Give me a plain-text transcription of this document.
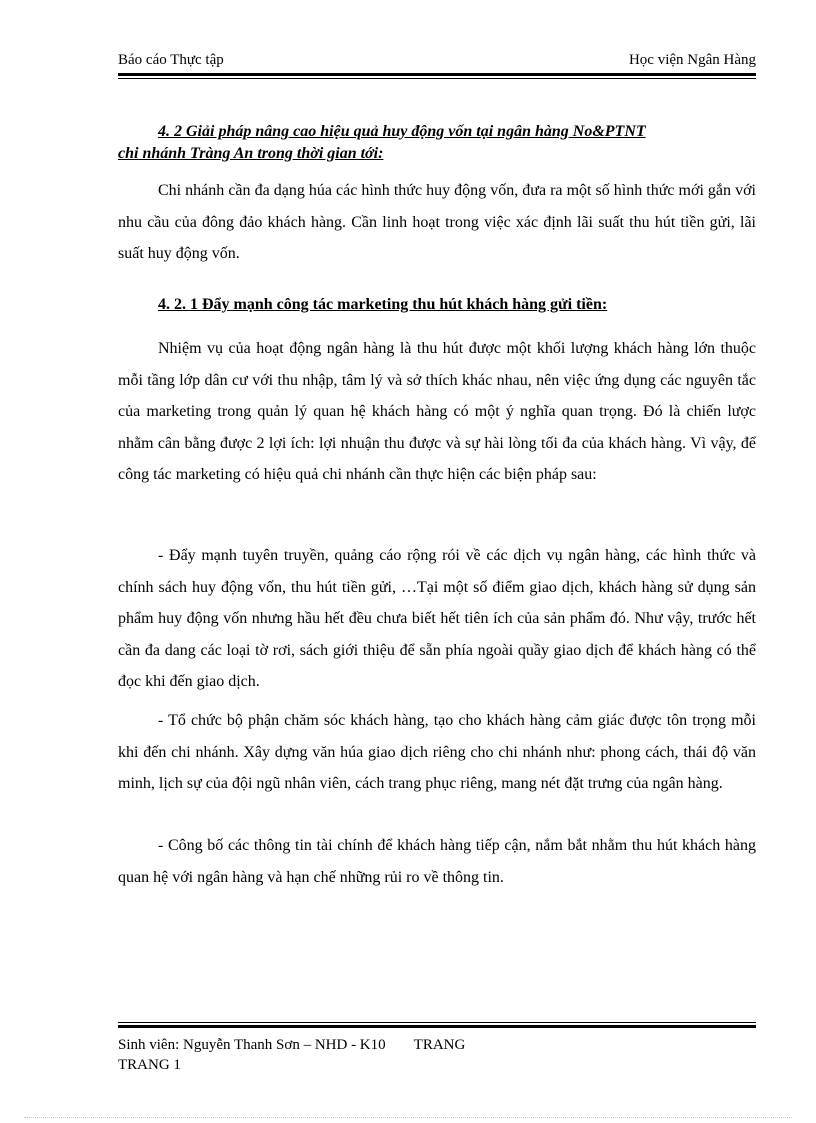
Báo cáo Thực tập	Học viện Ngân Hàng
4. 2 Giải pháp nâng cao hiệu quả huy động vốn tại ngân hàng No&PTNT
chi nhánh Tràng An trong thời gian tới:

Chi nhánh cần đa dạng húa các hình thức huy động vốn, đưa ra một số hình thức mới gắn với nhu cầu của đông đảo khách hàng. Cần linh hoạt trong việc xác định lãi suất thu hút tiền gửi, lãi suất huy động vốn.

4. 2. 1 Đẩy mạnh công tác marketing thu hút khách hàng gửi tiền:

Nhiệm vụ của hoạt động ngân hàng là thu hút được một khối lượng khách hàng lớn thuộc mỗi tầng lớp dân cư với thu nhập, tâm lý và sở thích khác nhau, nên việc ứng dụng các nguyên tắc của marketing trong quản lý quan hệ khách hàng có một ý nghĩa quan trọng. Đó là chiến lược nhằm cân bằng được 2 lợi ích: lợi nhuận thu được và sự hài lòng tối đa của khách hàng. Vì vậy, để công tác marketing có hiệu quả chi nhánh cần thực hiện các biện pháp sau:

- Đẩy mạnh tuyên truyền, quảng cáo rộng rói về các dịch vụ ngân hàng, các hình thức và chính sách huy động vốn, thu hút tiền gửi, …Tại một số điểm giao dịch, khách hàng sử dụng sản phẩm huy động vốn nhưng hầu hết đều chưa biết hết tiên ích của sản phẩm đó. Như vậy, trước hết cần đa dang các loại tờ rơi, sách giới thiệu để sẵn phía ngoài quầy giao dịch để khách hàng có thể đọc khi đến giao dịch.

- Tổ chức bộ phận chăm sóc khách hàng, tạo cho khách hàng cảm giác được tôn trọng mỗi khi đến chi nhánh. Xây dựng văn húa giao dịch riêng cho chi nhánh như: phong cách, thái độ văn minh, lịch sự của đội ngũ nhân viên, cách trang phục riêng, mang nét đặt trưng của ngân hàng.

- Công bố các thông tin tài chính để khách hàng tiếp cận, nắm bắt nhằm thu hút khách hàng quan hệ với ngân hàng và hạn chế những rủi ro về thông tin.

Sinh viên: Nguyễn Thanh Sơn – NHD - K10 TRANG
TRANG 1
